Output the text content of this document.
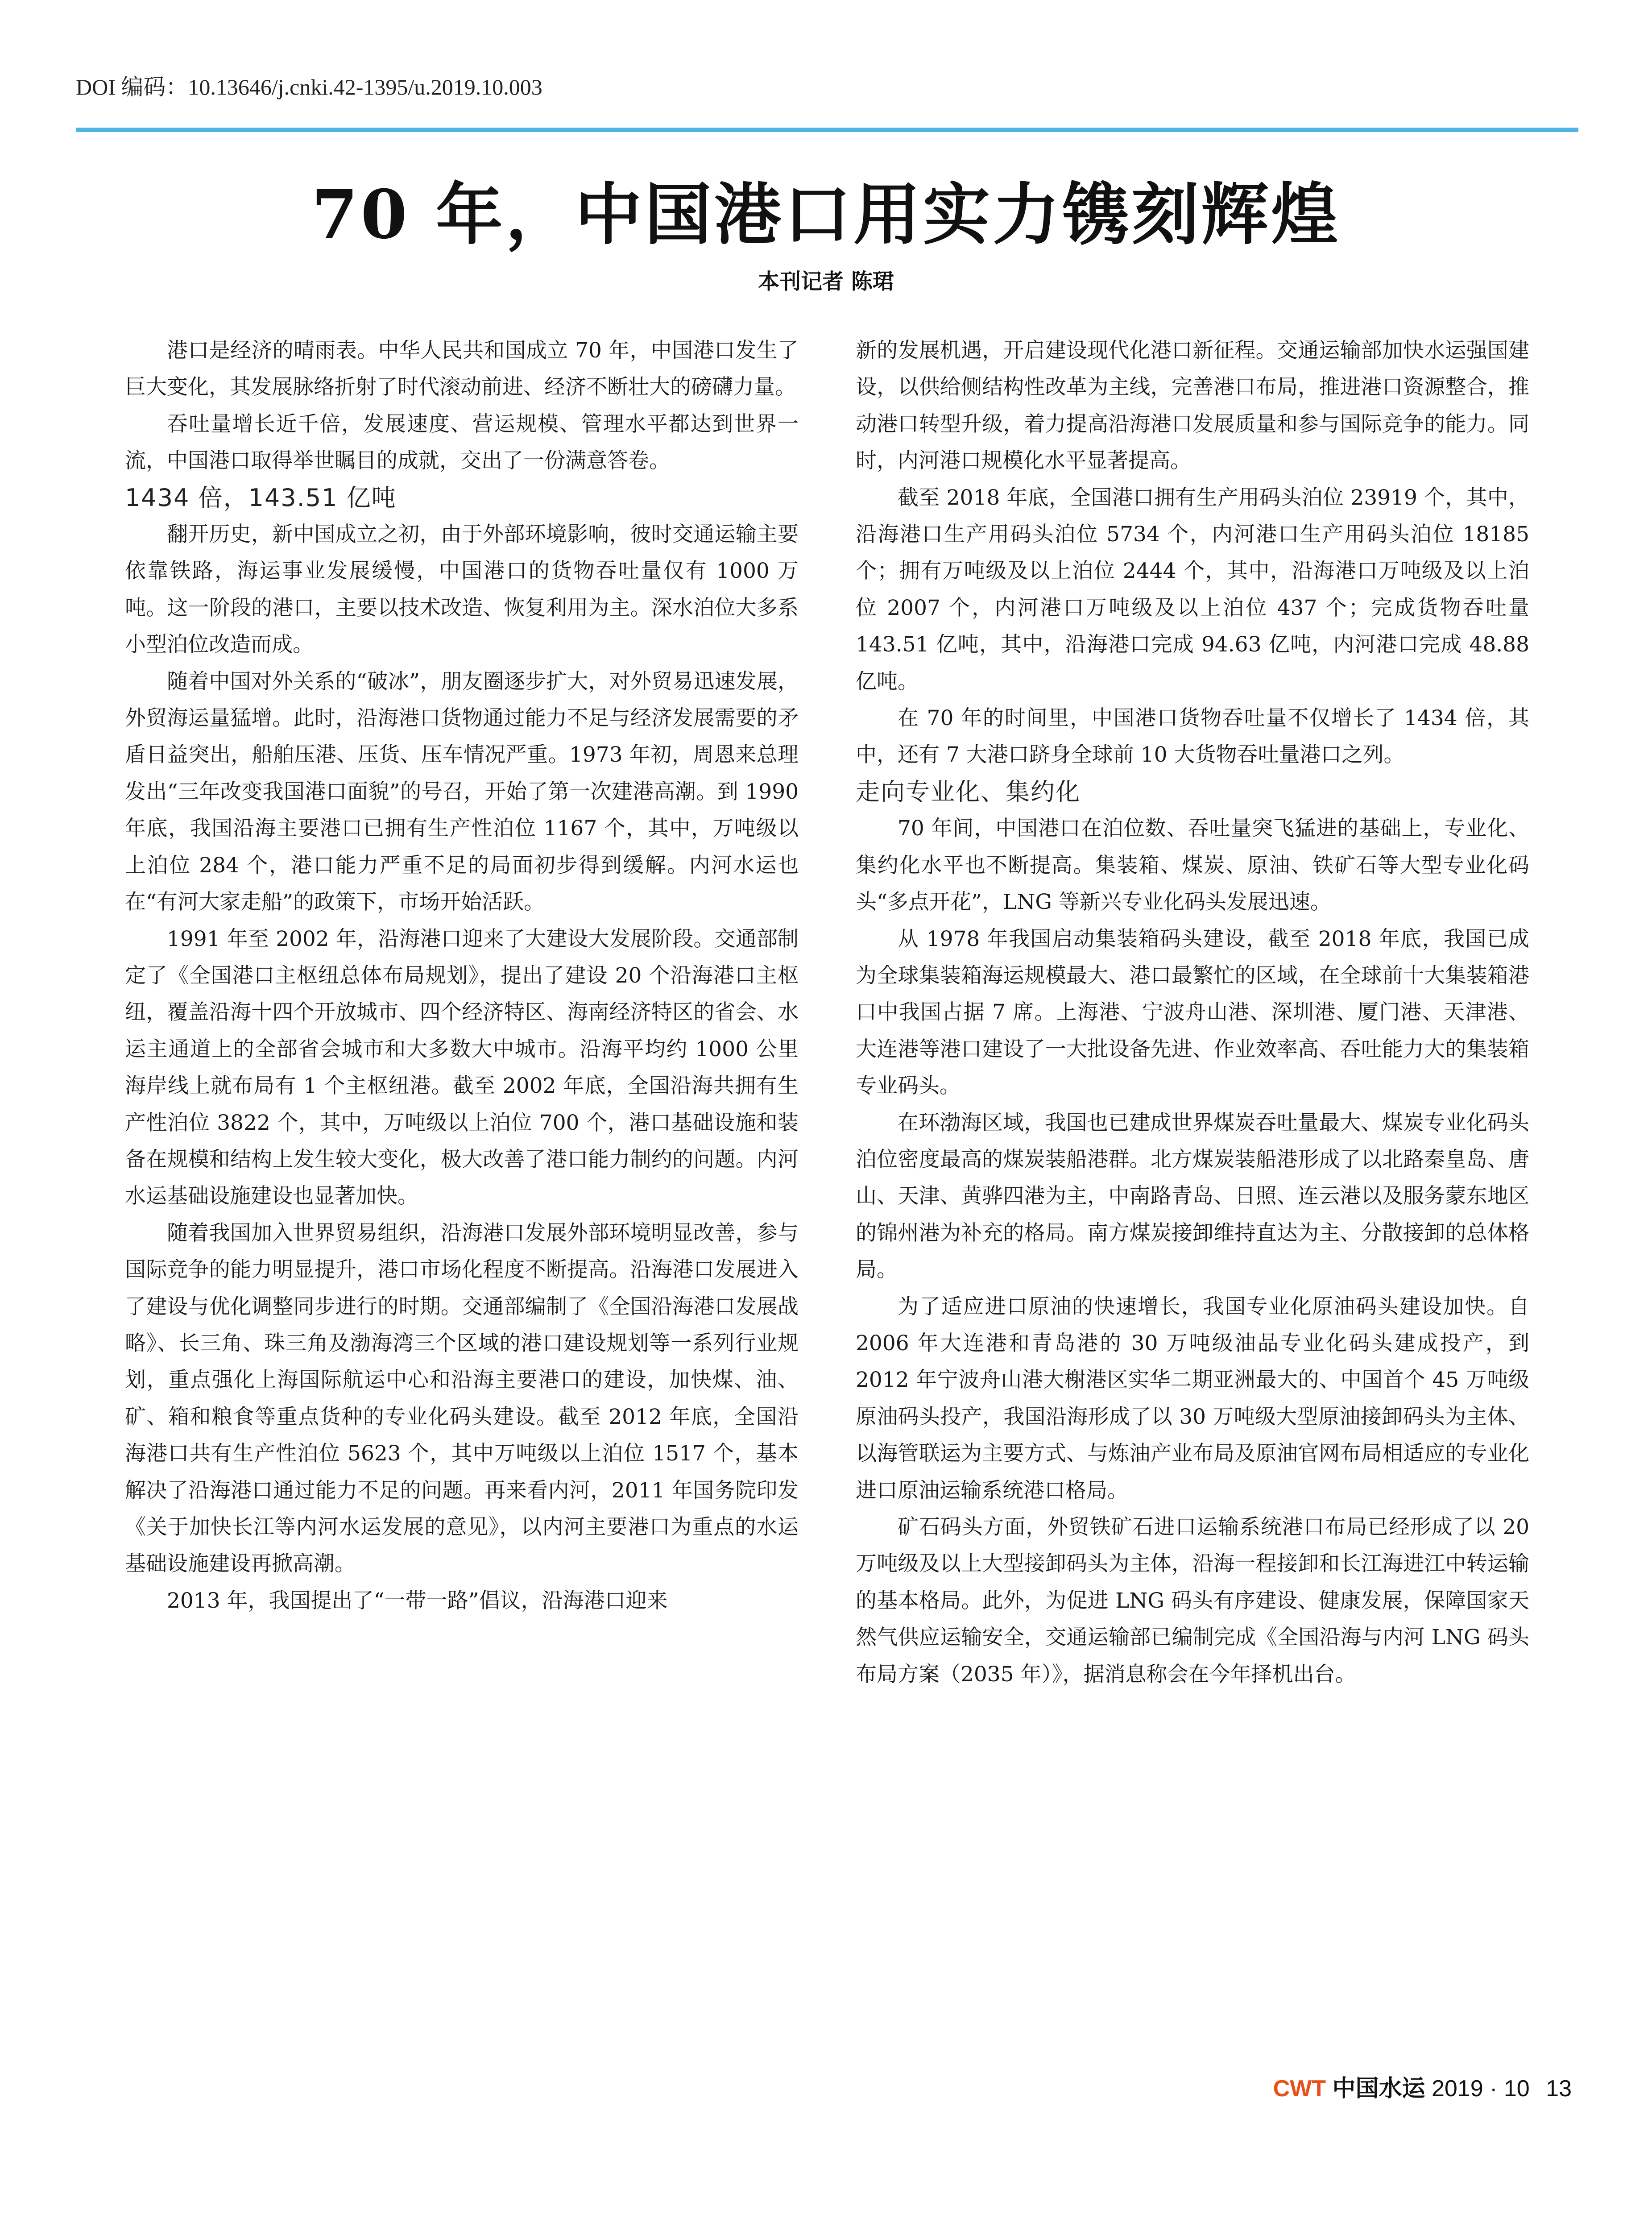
DOI 编码：10.13646/j.cnki.42-1395/u.2019.10.003
70 年，中国港口用实力镌刻辉煌
本刊记者 陈珺

港口是经济的晴雨表。中华人民共和国成立 70 年，中国港口发生了巨大变化，其发展脉络折射了时代滚动前进、经济不断壮大的磅礴力量。

吞吐量增长近千倍，发展速度、营运规模、管理水平都达到世界一流，中国港口取得举世瞩目的成就，交出了一份满意答卷。

1434 倍，143.51 亿吨

翻开历史，新中国成立之初，由于外部环境影响，彼时交通运输主要依靠铁路，海运事业发展缓慢，中国港口的货物吞吐量仅有 1000 万吨。这一阶段的港口，主要以技术改造、恢复利用为主。深水泊位大多系小型泊位改造而成。

随着中国对外关系的“破冰”，朋友圈逐步扩大，对外贸易迅速发展，外贸海运量猛增。此时，沿海港口货物通过能力不足与经济发展需要的矛盾日益突出，船舶压港、压货、压车情况严重。1973 年初，周恩来总理发出“三年改变我国港口面貌”的号召，开始了第一次建港高潮。到 1990 年底，我国沿海主要港口已拥有生产性泊位 1167 个，其中，万吨级以上泊位 284 个，港口能力严重不足的局面初步得到缓解。内河水运也在“有河大家走船”的政策下，市场开始活跃。

1991 年至 2002 年，沿海港口迎来了大建设大发展阶段。交通部制定了《全国港口主枢纽总体布局规划》，提出了建设 20 个沿海港口主枢纽，覆盖沿海十四个开放城市、四个经济特区、海南经济特区的省会、水运主通道上的全部省会城市和大多数大中城市。沿海平均约 1000 公里海岸线上就布局有 1 个主枢纽港。截至 2002 年底，全国沿海共拥有生产性泊位 3822 个，其中，万吨级以上泊位 700 个，港口基础设施和装备在规模和结构上发生较大变化，极大改善了港口能力制约的问题。内河水运基础设施建设也显著加快。

随着我国加入世界贸易组织，沿海港口发展外部环境明显改善，参与国际竞争的能力明显提升，港口市场化程度不断提高。沿海港口发展进入了建设与优化调整同步进行的时期。交通部编制了《全国沿海港口发展战略》、长三角、珠三角及渤海湾三个区域的港口建设规划等一系列行业规划，重点强化上海国际航运中心和沿海主要港口的建设，加快煤、油、矿、箱和粮食等重点货种的专业化码头建设。截至 2012 年底，全国沿海港口共有生产性泊位 5623 个，其中万吨级以上泊位 1517 个，基本解决了沿海港口通过能力不足的问题。再来看内河，2011 年国务院印发《关于加快长江等内河水运发展的意见》，以内河主要港口为重点的水运基础设施建设再掀高潮。

2013 年，我国提出了“一带一路”倡议，沿海港口迎来

新的发展机遇，开启建设现代化港口新征程。交通运输部加快水运强国建设，以供给侧结构性改革为主线，完善港口布局，推进港口资源整合，推动港口转型升级，着力提高沿海港口发展质量和参与国际竞争的能力。同时，内河港口规模化水平显著提高。

截至 2018 年底，全国港口拥有生产用码头泊位 23919 个，其中，沿海港口生产用码头泊位 5734 个，内河港口生产用码头泊位 18185 个；拥有万吨级及以上泊位 2444 个，其中，沿海港口万吨级及以上泊位 2007 个，内河港口万吨级及以上泊位 437 个；完成货物吞吐量 143.51 亿吨，其中，沿海港口完成 94.63 亿吨，内河港口完成 48.88 亿吨。

在 70 年的时间里，中国港口货物吞吐量不仅增长了 1434 倍，其中，还有 7 大港口跻身全球前 10 大货物吞吐量港口之列。

走向专业化、集约化

70 年间，中国港口在泊位数、吞吐量突飞猛进的基础上，专业化、集约化水平也不断提高。集装箱、煤炭、原油、铁矿石等大型专业化码头“多点开花”，LNG 等新兴专业化码头发展迅速。

从 1978 年我国启动集装箱码头建设，截至 2018 年底，我国已成为全球集装箱海运规模最大、港口最繁忙的区域，在全球前十大集装箱港口中我国占据 7 席。上海港、宁波舟山港、深圳港、厦门港、天津港、大连港等港口建设了一大批设备先进、作业效率高、吞吐能力大的集装箱专业码头。

在环渤海区域，我国也已建成世界煤炭吞吐量最大、煤炭专业化码头泊位密度最高的煤炭装船港群。北方煤炭装船港形成了以北路秦皇岛、唐山、天津、黄骅四港为主，中南路青岛、日照、连云港以及服务蒙东地区的锦州港为补充的格局。南方煤炭接卸维持直达为主、分散接卸的总体格局。

为了适应进口原油的快速增长，我国专业化原油码头建设加快。自 2006 年大连港和青岛港的 30 万吨级油品专业化码头建成投产，到 2012 年宁波舟山港大榭港区实华二期亚洲最大的、中国首个 45 万吨级原油码头投产，我国沿海形成了以 30 万吨级大型原油接卸码头为主体、以海管联运为主要方式、与炼油产业布局及原油官网布局相适应的专业化进口原油运输系统港口格局。

矿石码头方面，外贸铁矿石进口运输系统港口布局已经形成了以 20 万吨级及以上大型接卸码头为主体，沿海一程接卸和长江海进江中转运输的基本格局。此外，为促进 LNG 码头有序建设、健康发展，保障国家天然气供应运输安全，交通运输部已编制完成《全国沿海与内河 LNG 码头布局方案（2035 年）》，据消息称会在今年择机出台。

CWT 中国水运 2019 · 10 13
